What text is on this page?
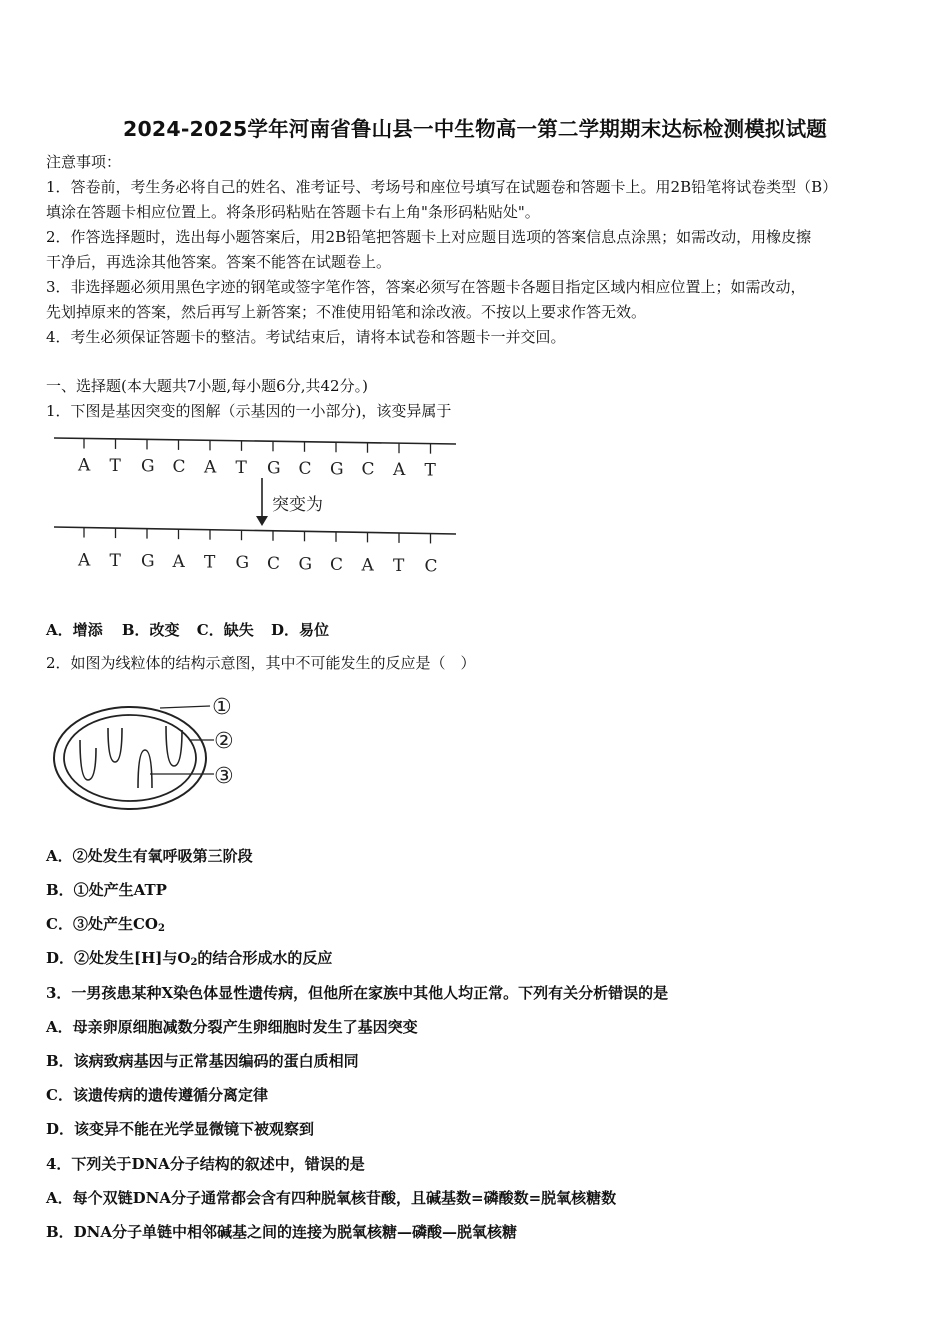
2024-2025学年河南省鲁山县一中生物高一第二学期期末达标检测模拟试题
注意事项：
1．答卷前，考生务必将自己的姓名、准考证号、考场号和座位号填写在试题卷和答题卡上。用2B铅笔将试卷类型（B）
填涂在答题卡相应位置上。将条形码粘贴在答题卡右上角"条形码粘贴处"。
2．作答选择题时，选出每小题答案后，用2B铅笔把答题卡上对应题目选项的答案信息点涂黑；如需改动，用橡皮擦
干净后，再选涂其他答案。答案不能答在试题卷上。
3．非选择题必须用黑色字迹的钢笔或签字笔作答，答案必须写在答题卡各题目指定区域内相应位置上；如需改动，
先划掉原来的答案，然后再写上新答案；不准使用铅笔和涂改液。不按以上要求作答无效。
4．考生必须保证答题卡的整洁。考试结束后，请将本试卷和答题卡一并交回。
一、选择题(本大题共7小题,每小题6分,共42分。)
1．下图是基因突变的图解（示基因的一小部分)，该变异属于
A T G C A T G C G C A T
A T G A T G C G C A T C
突变为
A．增添 B．改变 C．缺失 D．易位
2．如图为线粒体的结构示意图，其中不可能发生的反应是（　）
①
②
③
A．②处发生有氧呼吸第三阶段
B．①处产生ATP
C．③处产生$CO_2$
D．②处发生[H]与$O_2$的结合形成水的反应
3．一男孩患某种X染色体显性遗传病，但他所在家族中其他人均正常。下列有关分析错误的是
A．母亲卵原细胞减数分裂产生卵细胞时发生了基因突变
B．该病致病基因与正常基因编码的蛋白质相同
C．该遗传病的遗传遵循分离定律
D．该变异不能在光学显微镜下被观察到
4．下列关于DNA分子结构的叙述中，错误的是
A．每个双链DNA分子通常都会含有四种脱氧核苷酸，且碱基数=磷酸数=脱氧核糖数
B．DNA分子单链中相邻碱基之间的连接为脱氧核糖—磷酸—脱氧核糖
